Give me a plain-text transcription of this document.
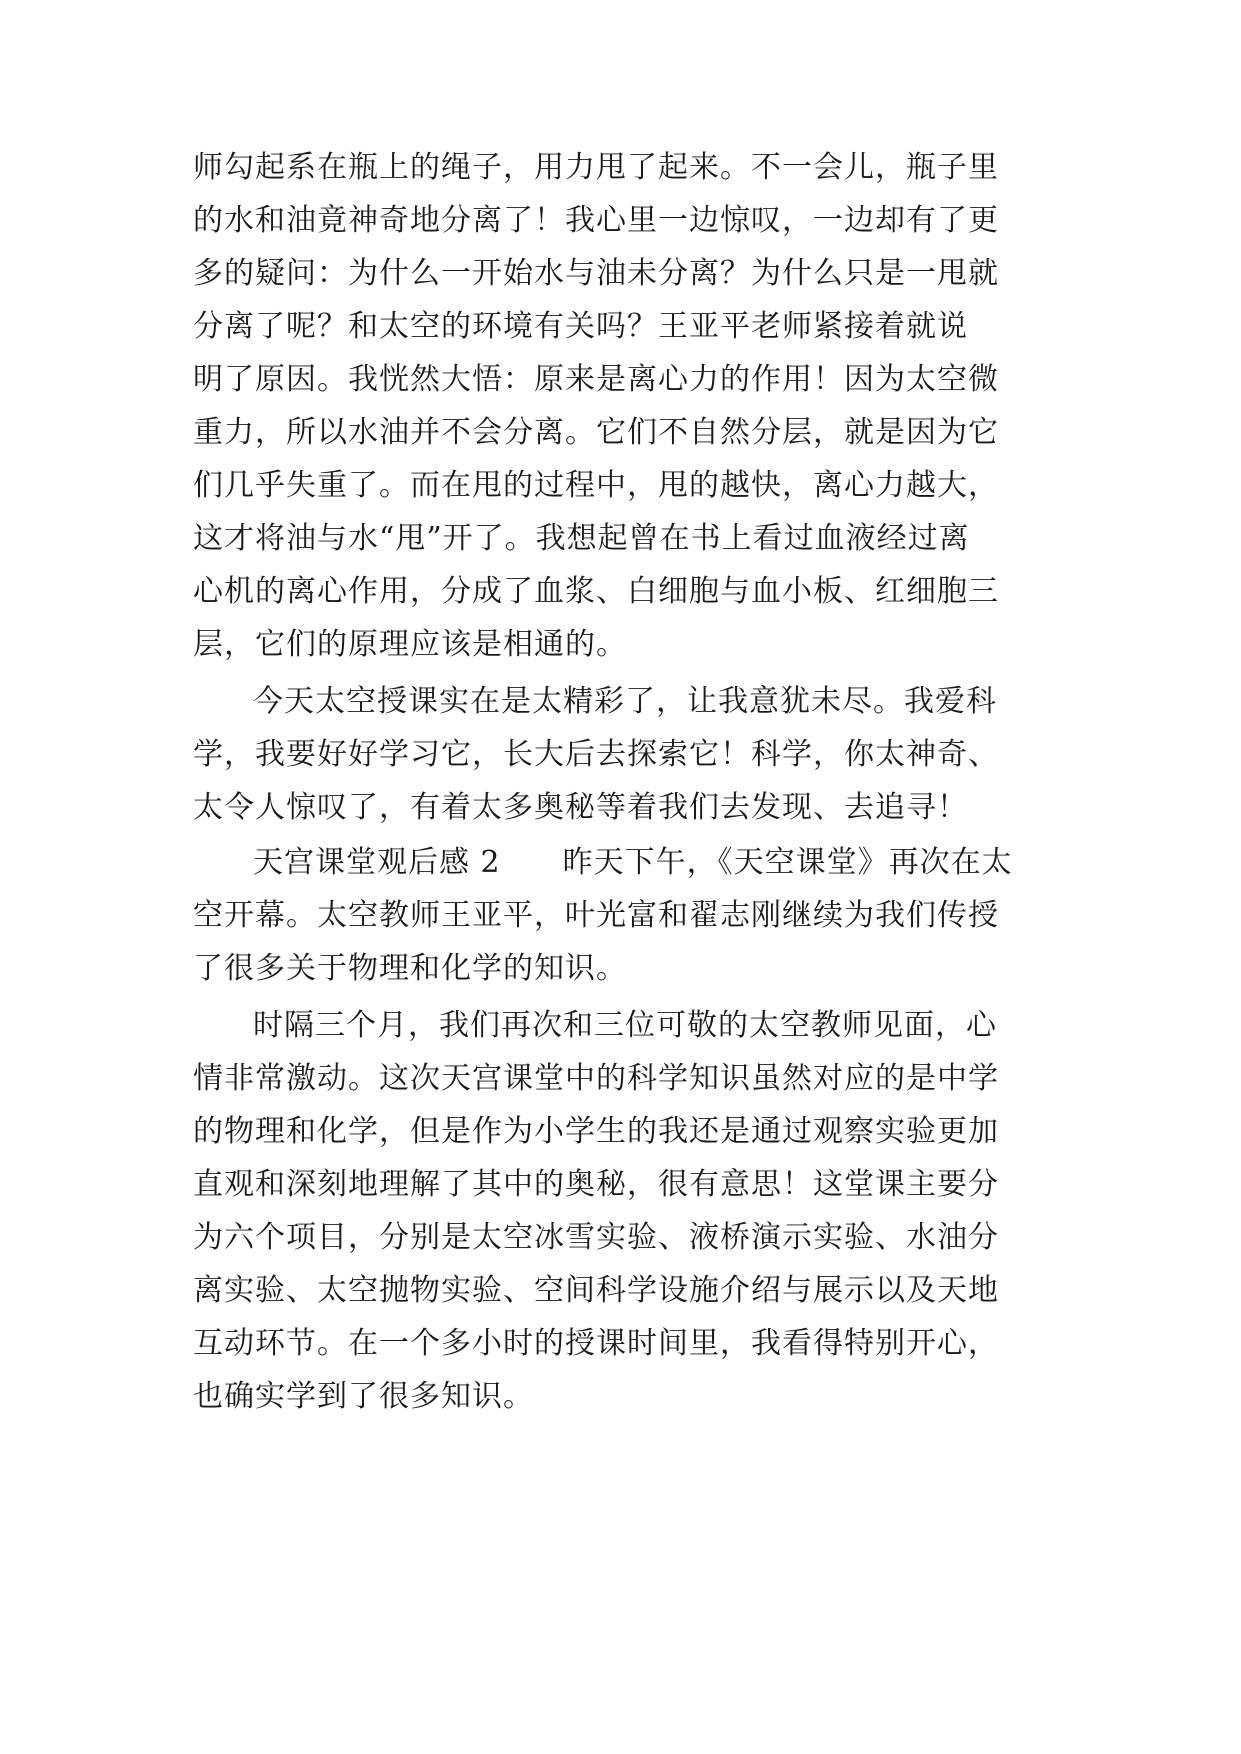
师勾起系在瓶上的绳子，用力甩了起来。不一会儿，瓶子里
的水和油竟神奇地分离了！我心里一边惊叹，一边却有了更
多的疑问：为什么一开始水与油未分离？为什么只是一甩就
分离了呢？和太空的环境有关吗？王亚平老师紧接着就说
明了原因。我恍然大悟：原来是离心力的作用！因为太空微
重力，所以水油并不会分离。它们不自然分层，就是因为它
们几乎失重了。而在甩的过程中，甩的越快，离心力越大，
这才将油与水“甩”开了。我想起曾在书上看过血液经过离
心机的离心作用，分成了血浆、白细胞与血小板、红细胞三
层，它们的原理应该是相通的。
今天太空授课实在是太精彩了，让我意犹未尽。我爱科
学，我要好好学习它，长大后去探索它！科学，你太神奇、
太令人惊叹了，有着太多奥秘等着我们去发现、去追寻！
天宫课堂观后感 2　　昨天下午，《天空课堂》再次在太
空开幕。太空教师王亚平，叶光富和翟志刚继续为我们传授
了很多关于物理和化学的知识。
时隔三个月，我们再次和三位可敬的太空教师见面，心
情非常激动。这次天宫课堂中的科学知识虽然对应的是中学
的物理和化学，但是作为小学生的我还是通过观察实验更加
直观和深刻地理解了其中的奥秘，很有意思！这堂课主要分
为六个项目，分别是太空冰雪实验、液桥演示实验、水油分
离实验、太空抛物实验、空间科学设施介绍与展示以及天地
互动环节。在一个多小时的授课时间里，我看得特别开心，
也确实学到了很多知识。
